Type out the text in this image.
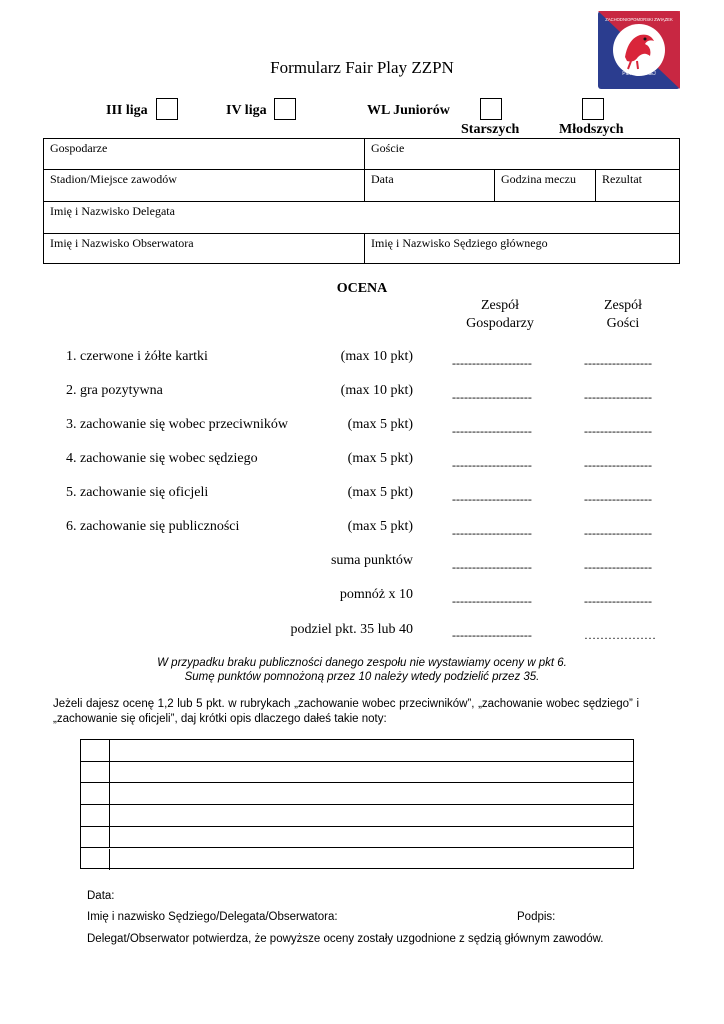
PIŁKI NOŻNEJ
ZACHODNIOPOMORSKI ZWIĄZEK
Formularz Fair Play ZZPN
III liga	IV liga	WL Juniorów
Starszych	Młodszych
Gospodarze	Goście
Stadion/Miejsce zawodów	Data	Godzina meczu	Rezultat
Imię i Nazwisko Delegata
Imię i Nazwisko Obserwatora	Imię i Nazwisko Sędziego głównego
OCENA
Zespół
Gospodarzy
Zespół
Gości
1. czerwone i żółte kartki	(max 10 pkt)	--------------------	-----------------
2. gra pozytywna	(max 10 pkt)	--------------------	-----------------
3. zachowanie się wobec przeciwników	(max 5 pkt)	--------------------	-----------------
4. zachowanie się wobec sędziego	(max 5 pkt)	--------------------	-----------------
5. zachowanie się oficjeli	(max 5 pkt)	--------------------	-----------------
6. zachowanie się publiczności	(max 5 pkt)	--------------------	-----------------
suma punktów	--------------------	-----------------
pomnóż x 10	--------------------	-----------------
podziel pkt. 35 lub 40	--------------------	………………
W przypadku braku publiczności danego zespołu nie wystawiamy oceny w pkt 6.
Sumę punktów pomnożoną przez 10 należy wtedy podzielić przez 35.
Jeżeli dajesz ocenę 1,2 lub 5 pkt. w rubrykach „zachowanie wobec przeciwników”, „zachowanie wobec sędziego” i „zachowanie się oficjeli”, daj krótki opis dlaczego dałeś takie noty:
Data:
Imię i nazwisko Sędziego/Delegata/Obserwatora:	Podpis:
Delegat/Obserwator potwierdza, że powyższe oceny zostały uzgodnione z sędzią głównym zawodów.
